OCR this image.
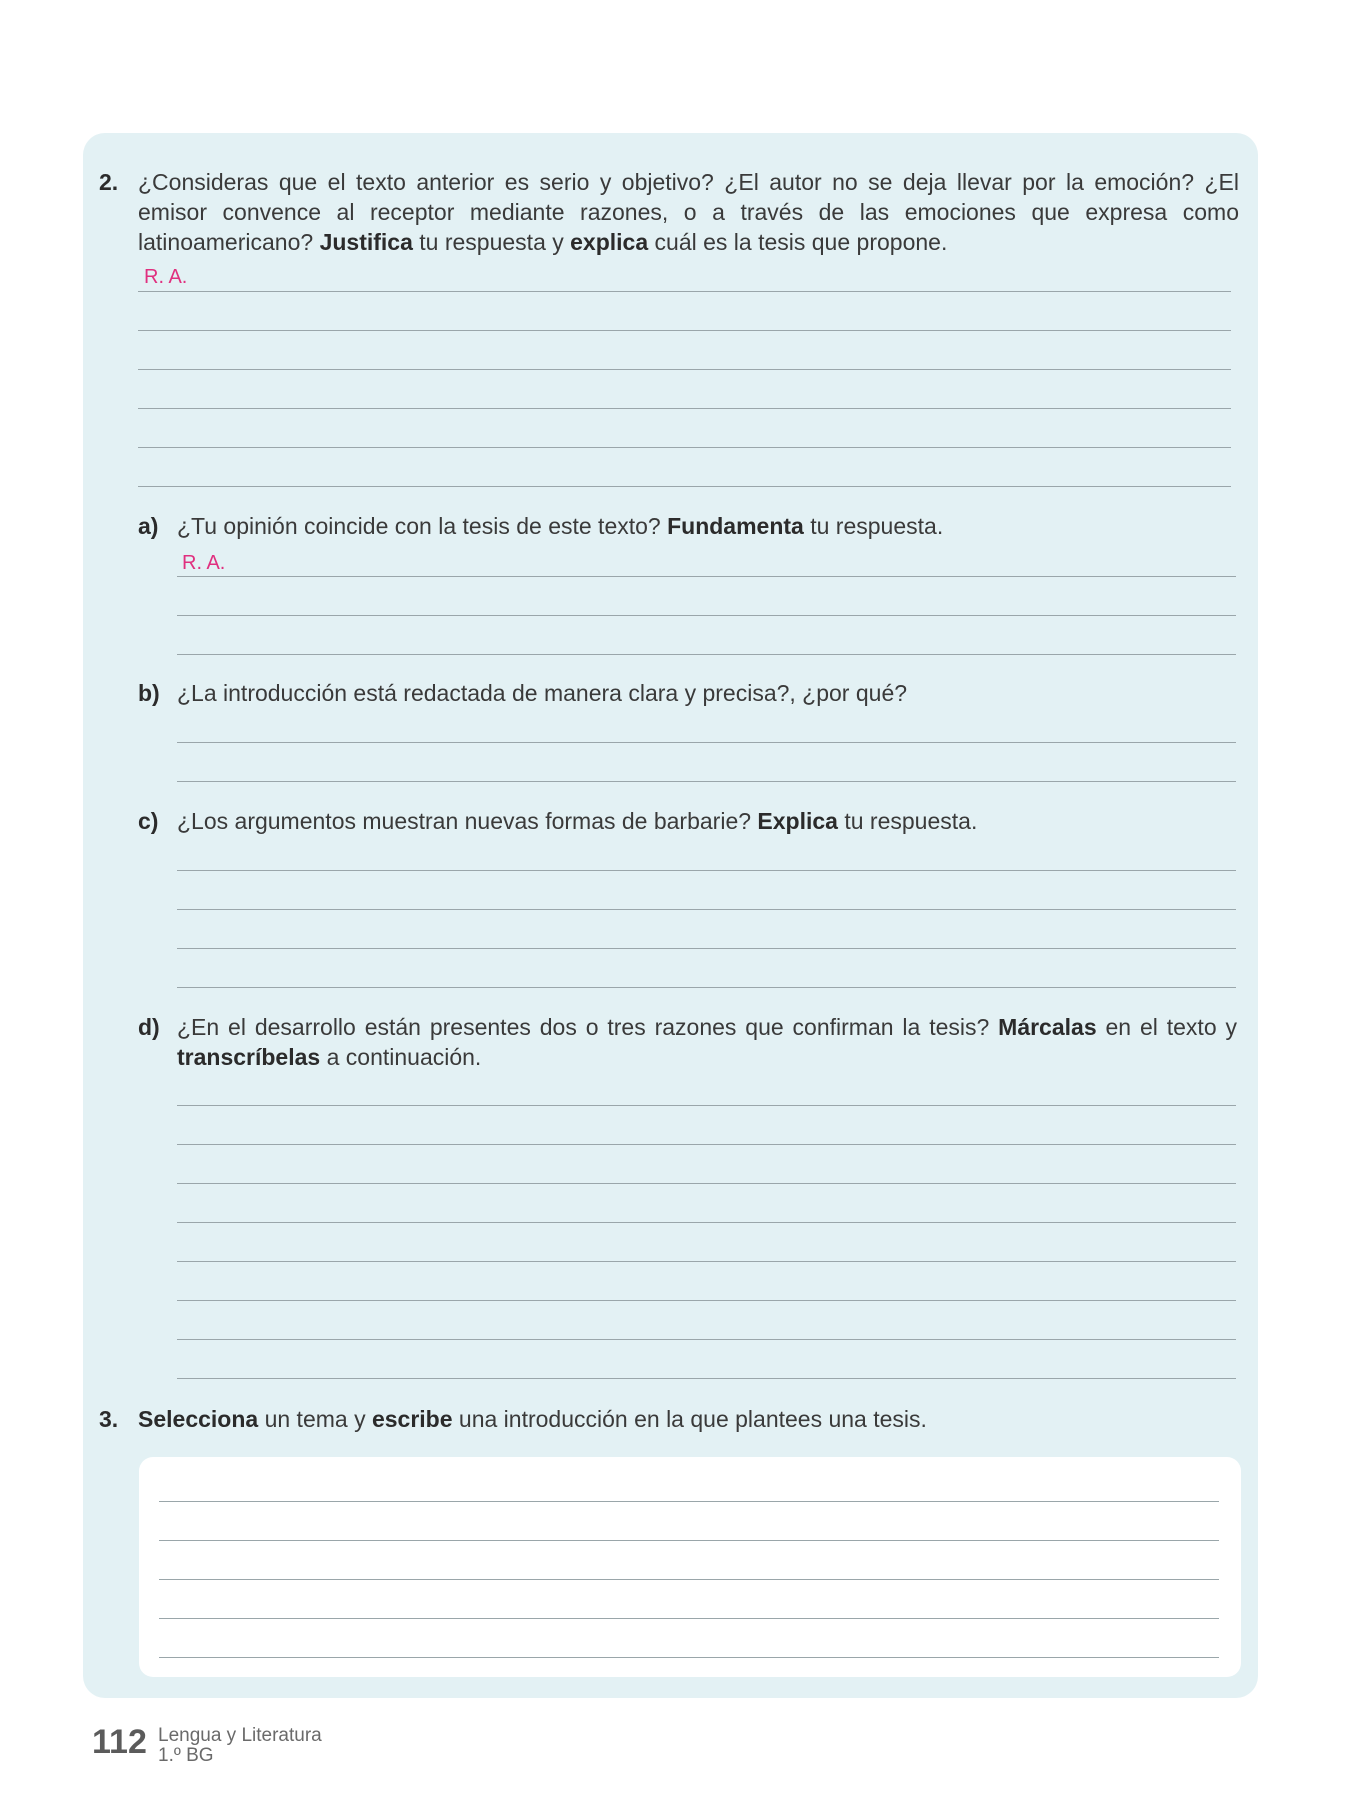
2. ¿Consideras que el texto anterior es serio y objetivo? ¿El autor no se deja llevar por la emoción? ¿El emisor convence al receptor mediante razones, o a través de las emociones que expresa como latinoamericano? Justifica tu respuesta y explica cuál es la tesis que propone.
R. A.
a) ¿Tu opinión coincide con la tesis de este texto? Fundamenta tu respuesta.
R. A.
b) ¿La introducción está redactada de manera clara y precisa?, ¿por qué?
c) ¿Los argumentos muestran nuevas formas de barbarie? Explica tu respuesta.
d) ¿En el desarrollo están presentes dos o tres razones que confirman la tesis? Márcalas en el texto y transcríbelas a continuación.
3. Selecciona un tema y escribe una introducción en la que plantees una tesis.
112 Lengua y Literatura
1.º BG
